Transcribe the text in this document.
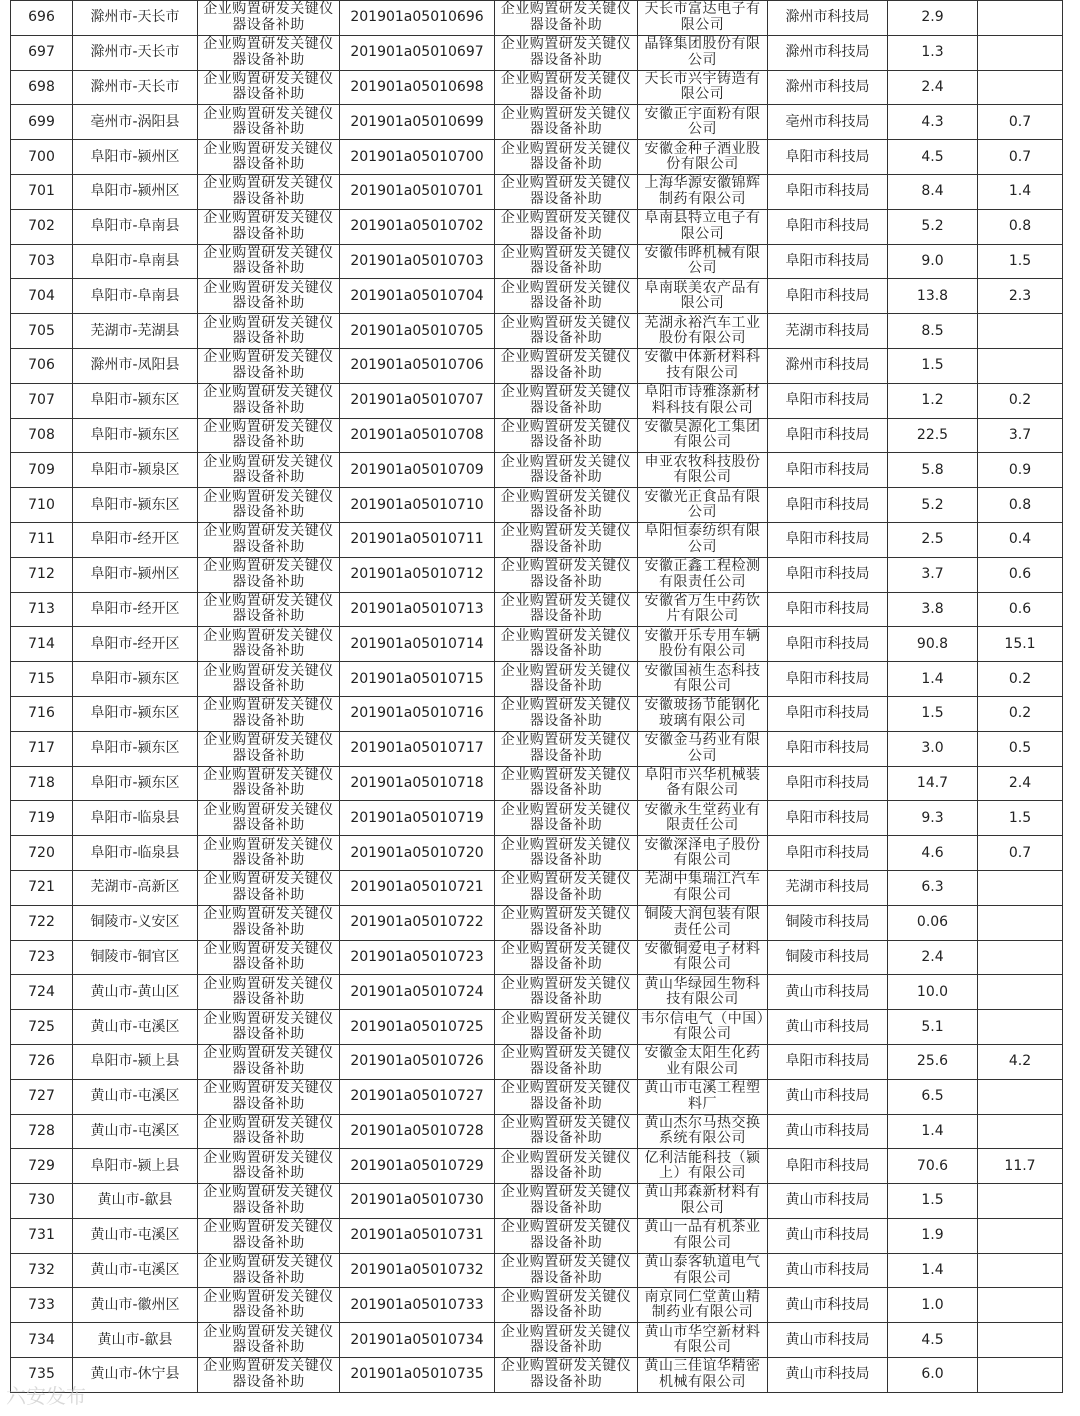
696	滁州市-天长市	企业购置研发关键仪器设备补助	201901a05010696	企业购置研发关键仪器设备补助	天长市富达电子有限公司	滁州市科技局	2.9	
697	滁州市-天长市	企业购置研发关键仪器设备补助	201901a05010697	企业购置研发关键仪器设备补助	晶锋集团股份有限公司	滁州市科技局	1.3	
698	滁州市-天长市	企业购置研发关键仪器设备补助	201901a05010698	企业购置研发关键仪器设备补助	天长市兴宇铸造有限公司	滁州市科技局	2.4	
699	亳州市-涡阳县	企业购置研发关键仪器设备补助	201901a05010699	企业购置研发关键仪器设备补助	安徽正宇面粉有限公司	亳州市科技局	4.3	0.7
700	阜阳市-颍州区	企业购置研发关键仪器设备补助	201901a05010700	企业购置研发关键仪器设备补助	安徽金种子酒业股份有限公司	阜阳市科技局	4.5	0.7
701	阜阳市-颍州区	企业购置研发关键仪器设备补助	201901a05010701	企业购置研发关键仪器设备补助	上海华源安徽锦辉制药有限公司	阜阳市科技局	8.4	1.4
702	阜阳市-阜南县	企业购置研发关键仪器设备补助	201901a05010702	企业购置研发关键仪器设备补助	阜南县特立电子有限公司	阜阳市科技局	5.2	0.8
703	阜阳市-阜南县	企业购置研发关键仪器设备补助	201901a05010703	企业购置研发关键仪器设备补助	安徽伟晔机械有限公司	阜阳市科技局	9.0	1.5
704	阜阳市-阜南县	企业购置研发关键仪器设备补助	201901a05010704	企业购置研发关键仪器设备补助	阜南联美农产品有限公司	阜阳市科技局	13.8	2.3
705	芜湖市-芜湖县	企业购置研发关键仪器设备补助	201901a05010705	企业购置研发关键仪器设备补助	芜湖永裕汽车工业股份有限公司	芜湖市科技局	8.5	
706	滁州市-凤阳县	企业购置研发关键仪器设备补助	201901a05010706	企业购置研发关键仪器设备补助	安徽中体新材料科技有限公司	滁州市科技局	1.5	
707	阜阳市-颍东区	企业购置研发关键仪器设备补助	201901a05010707	企业购置研发关键仪器设备补助	阜阳市诗雅涤新材料科技有限公司	阜阳市科技局	1.2	0.2
708	阜阳市-颍东区	企业购置研发关键仪器设备补助	201901a05010708	企业购置研发关键仪器设备补助	安徽昊源化工集团有限公司	阜阳市科技局	22.5	3.7
709	阜阳市-颍泉区	企业购置研发关键仪器设备补助	201901a05010709	企业购置研发关键仪器设备补助	申亚农牧科技股份有限公司	阜阳市科技局	5.8	0.9
710	阜阳市-颍东区	企业购置研发关键仪器设备补助	201901a05010710	企业购置研发关键仪器设备补助	安徽光正食品有限公司	阜阳市科技局	5.2	0.8
711	阜阳市-经开区	企业购置研发关键仪器设备补助	201901a05010711	企业购置研发关键仪器设备补助	阜阳恒泰纺织有限公司	阜阳市科技局	2.5	0.4
712	阜阳市-颍州区	企业购置研发关键仪器设备补助	201901a05010712	企业购置研发关键仪器设备补助	安徽正鑫工程检测有限责任公司	阜阳市科技局	3.7	0.6
713	阜阳市-经开区	企业购置研发关键仪器设备补助	201901a05010713	企业购置研发关键仪器设备补助	安徽省万生中药饮片有限公司	阜阳市科技局	3.8	0.6
714	阜阳市-经开区	企业购置研发关键仪器设备补助	201901a05010714	企业购置研发关键仪器设备补助	安徽开乐专用车辆股份有限公司	阜阳市科技局	90.8	15.1
715	阜阳市-颍东区	企业购置研发关键仪器设备补助	201901a05010715	企业购置研发关键仪器设备补助	安徽国祯生态科技有限公司	阜阳市科技局	1.4	0.2
716	阜阳市-颍东区	企业购置研发关键仪器设备补助	201901a05010716	企业购置研发关键仪器设备补助	安徽玻扬节能钢化玻璃有限公司	阜阳市科技局	1.5	0.2
717	阜阳市-颍东区	企业购置研发关键仪器设备补助	201901a05010717	企业购置研发关键仪器设备补助	安徽金马药业有限公司	阜阳市科技局	3.0	0.5
718	阜阳市-颍东区	企业购置研发关键仪器设备补助	201901a05010718	企业购置研发关键仪器设备补助	阜阳市兴华机械装备有限公司	阜阳市科技局	14.7	2.4
719	阜阳市-临泉县	企业购置研发关键仪器设备补助	201901a05010719	企业购置研发关键仪器设备补助	安徽永生堂药业有限责任公司	阜阳市科技局	9.3	1.5
720	阜阳市-临泉县	企业购置研发关键仪器设备补助	201901a05010720	企业购置研发关键仪器设备补助	安徽深泽电子股份有限公司	阜阳市科技局	4.6	0.7
721	芜湖市-高新区	企业购置研发关键仪器设备补助	201901a05010721	企业购置研发关键仪器设备补助	芜湖中集瑞江汽车有限公司	芜湖市科技局	6.3	
722	铜陵市-义安区	企业购置研发关键仪器设备补助	201901a05010722	企业购置研发关键仪器设备补助	铜陵大润包装有限责任公司	铜陵市科技局	0.06	
723	铜陵市-铜官区	企业购置研发关键仪器设备补助	201901a05010723	企业购置研发关键仪器设备补助	安徽铜爱电子材料有限公司	铜陵市科技局	2.4	
724	黄山市-黄山区	企业购置研发关键仪器设备补助	201901a05010724	企业购置研发关键仪器设备补助	黄山华绿园生物科技有限公司	黄山市科技局	10.0	
725	黄山市-屯溪区	企业购置研发关键仪器设备补助	201901a05010725	企业购置研发关键仪器设备补助	韦尔信电气（中国）有限公司	黄山市科技局	5.1	
726	阜阳市-颍上县	企业购置研发关键仪器设备补助	201901a05010726	企业购置研发关键仪器设备补助	安徽金太阳生化药业有限公司	阜阳市科技局	25.6	4.2
727	黄山市-屯溪区	企业购置研发关键仪器设备补助	201901a05010727	企业购置研发关键仪器设备补助	黄山市屯溪工程塑料厂	黄山市科技局	6.5	
728	黄山市-屯溪区	企业购置研发关键仪器设备补助	201901a05010728	企业购置研发关键仪器设备补助	黄山杰尔马热交换系统有限公司	黄山市科技局	1.4	
729	阜阳市-颍上县	企业购置研发关键仪器设备补助	201901a05010729	企业购置研发关键仪器设备补助	亿利洁能科技（颍上）有限公司	阜阳市科技局	70.6	11.7
730	黄山市-歙县	企业购置研发关键仪器设备补助	201901a05010730	企业购置研发关键仪器设备补助	黄山邦森新材料有限公司	黄山市科技局	1.5	
731	黄山市-屯溪区	企业购置研发关键仪器设备补助	201901a05010731	企业购置研发关键仪器设备补助	黄山一品有机茶业有限公司	黄山市科技局	1.9	
732	黄山市-屯溪区	企业购置研发关键仪器设备补助	201901a05010732	企业购置研发关键仪器设备补助	黄山泰客轨道电气有限公司	黄山市科技局	1.4	
733	黄山市-徽州区	企业购置研发关键仪器设备补助	201901a05010733	企业购置研发关键仪器设备补助	南京同仁堂黄山精制药业有限公司	黄山市科技局	1.0	
734	黄山市-歙县	企业购置研发关键仪器设备补助	201901a05010734	企业购置研发关键仪器设备补助	黄山市华空新材料有限公司	黄山市科技局	4.5	
735	黄山市-休宁县	企业购置研发关键仪器设备补助	201901a05010735	企业购置研发关键仪器设备补助	黄山三佳谊华精密机械有限公司	黄山市科技局	6.0	
六安发布
